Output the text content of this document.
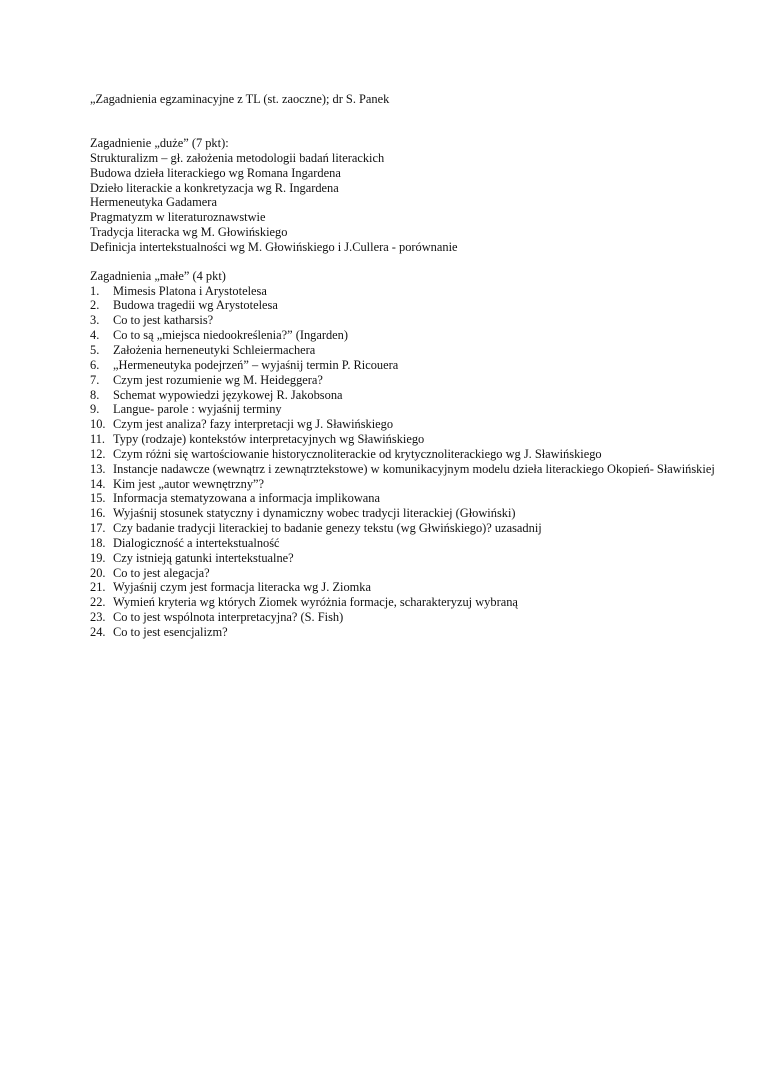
„Zagadnienia egzaminacyjne z TL (st. zaoczne); dr S. Panek

Zagadnienie „duże” (7 pkt):

Strukturalizm – gł. założenia metodologii badań literackich

Budowa dzieła literackiego wg Romana Ingardena

Dzieło literackie a konkretyzacja wg R. Ingardena

Hermeneutyka Gadamera

Pragmatyzm w literaturoznawstwie

Tradycja literacka wg M. Głowińskiego

Definicja intertekstualności wg M. Głowińskiego i J.Cullera - porównanie

Zagadnienia „małe” (4 pkt)

1. Mimesis Platona i Arystotelesa
2. Budowa tragedii wg Arystotelesa
3. Co to jest katharsis?
4. Co to są „miejsca niedookreślenia?” (Ingarden)
5. Założenia herneneutyki Schleiermachera
6. „Hermeneutyka podejrzeń” – wyjaśnij termin P. Ricouera
7. Czym jest rozumienie wg M. Heideggera?
8. Schemat wypowiedzi językowej R. Jakobsona
9. Langue- parole : wyjaśnij terminy
10. Czym jest analiza? fazy interpretacji wg J. Sławińskiego
11. Typy (rodzaje) kontekstów interpretacyjnych wg Sławińskiego
12. Czym różni się wartościowanie historycznoliterackie od krytycznoliterackiego wg J. Sławińskiego
13. Instancje nadawcze (wewnątrz i zewnątrztekstowe) w komunikacyjnym modelu dzieła literackiego Okopień- Sławińskiej
14. Kim jest „autor wewnętrzny”?
15. Informacja stematyzowana a informacja implikowana
16. Wyjaśnij stosunek statyczny i dynamiczny wobec tradycji literackiej (Głowiński)
17. Czy badanie tradycji literackiej to badanie genezy tekstu (wg Głwińskiego)? uzasadnij
18. Dialogiczność a intertekstualność
19. Czy istnieją gatunki intertekstualne?
20. Co to jest alegacja?
21. Wyjaśnij czym jest formacja literacka wg J. Ziomka
22. Wymień kryteria wg których Ziomek wyróżnia formacje, scharakteryzuj wybraną
23. Co to jest wspólnota interpretacyjna? (S. Fish)
24. Co to jest esencjalizm?
